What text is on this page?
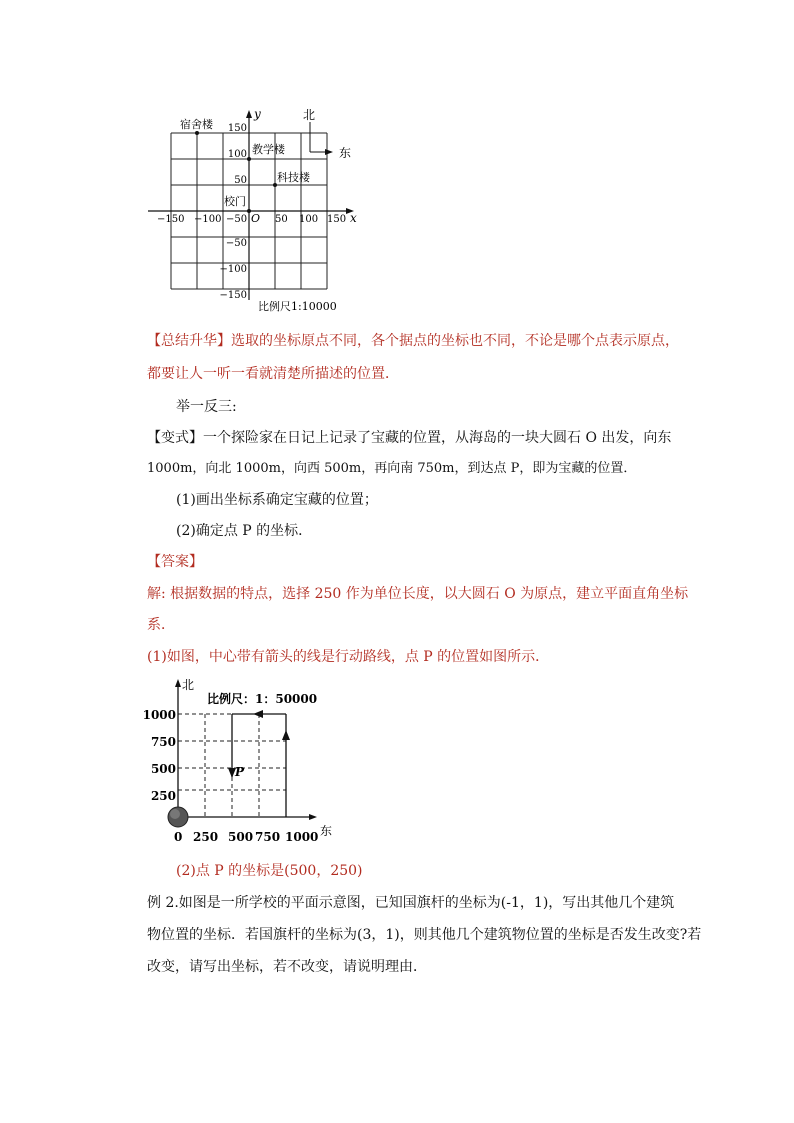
y
x
O
北
东
−150 −100 −50	50 100 150
150
100
50
−50
−100
−150
宿舍楼
教学楼
科技楼
校门
比例尺1:10000
【总结升华】选取的坐标原点不同，各个据点的坐标也不同，不论是哪个点表示原点，
都要让人一听一看就清楚所描述的位置．
举一反三:
【变式】一个探险家在日记上记录了宝藏的位置，从海岛的一块大圆石 O 出发，向东
1000m，向北 1000m，向西 500m，再向南 750m，到达点 P，即为宝藏的位置．
(1)画出坐标系确定宝藏的位置；
(2)确定点 P 的坐标．
【答案】
解: 根据数据的特点，选择 250 作为单位长度，以大圆石 O 为原点，建立平面直角坐标
系．
(1)如图，中心带有箭头的线是行动路线，点 P 的位置如图所示．
北
东
比例尺：1：50000
P
1000
750
500
250
0 250 500 750 1000
(2)点 P 的坐标是(500，250)
例 2.如图是一所学校的平面示意图，已知国旗杆的坐标为(-1，1)，写出其他几个建筑
物位置的坐标．若国旗杆的坐标为(3，1)，则其他几个建筑物位置的坐标是否发生改变?若
改变，请写出坐标，若不改变，请说明理由．
